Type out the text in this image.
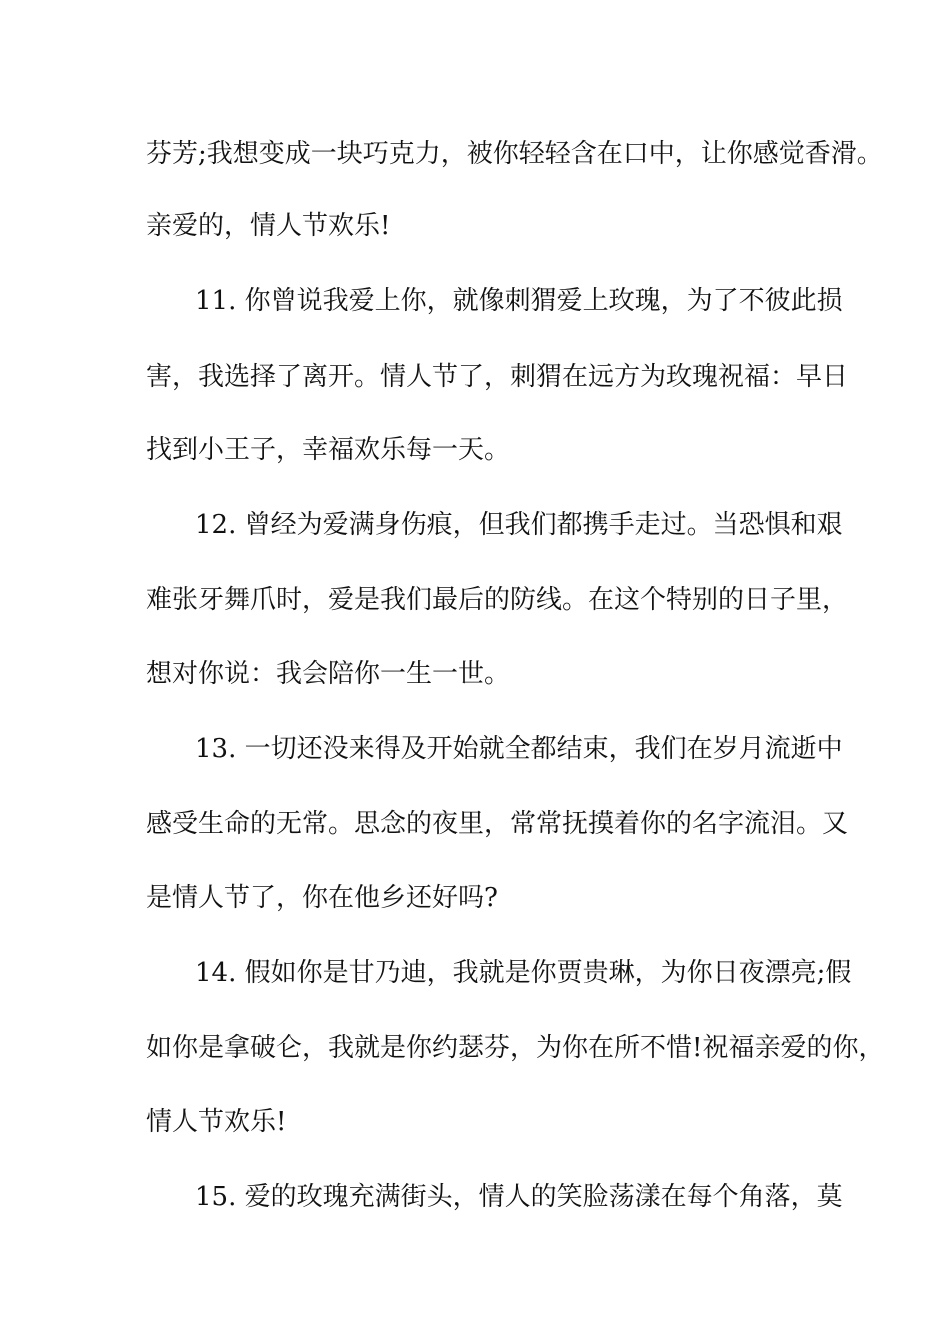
芬芳;我想变成一块巧克力，被你轻轻含在口中，让你感觉香滑。

亲爱的，情人节欢乐!

11. 你曾说我爱上你，就像刺猬爱上玫瑰，为了不彼此损

害，我选择了离开。情人节了，刺猬在远方为玫瑰祝福：早日

找到小王子，幸福欢乐每一天。

12. 曾经为爱满身伤痕，但我们都携手走过。当恐惧和艰

难张牙舞爪时，爱是我们最后的防线。在这个特别的日子里，

想对你说：我会陪你一生一世。

13. 一切还没来得及开始就全都结束，我们在岁月流逝中

感受生命的无常。思念的夜里，常常抚摸着你的名字流泪。又

是情人节了，你在他乡还好吗?

14. 假如你是甘乃迪，我就是你贾贵琳，为你日夜漂亮;假

如你是拿破仑，我就是你约瑟芬，为你在所不惜!祝福亲爱的你，

情人节欢乐!

15. 爱的玫瑰充满街头，情人的笑脸荡漾在每个角落，莫
